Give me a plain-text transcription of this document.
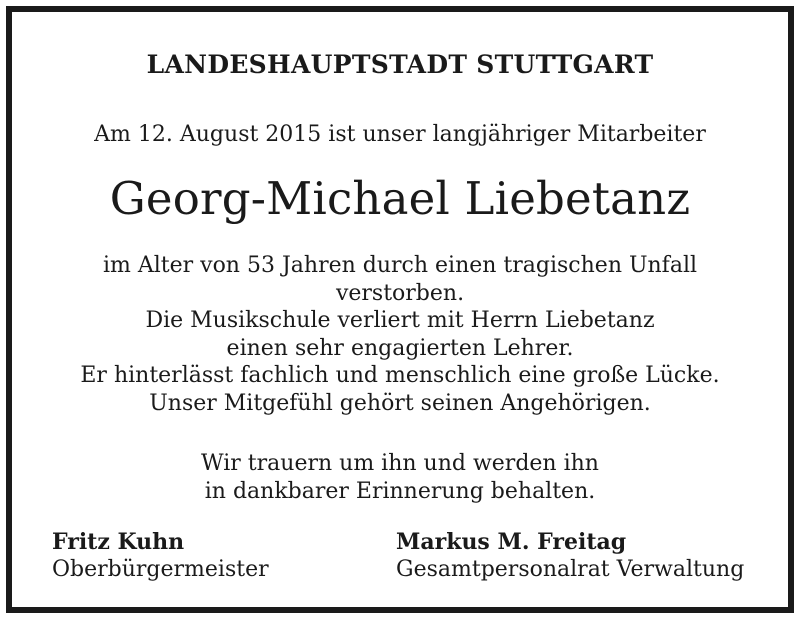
LANDESHAUPTSTADT STUTTGART

Am 12. August 2015 ist unser langjähriger Mitarbeiter

Georg-Michael Liebetanz

im Alter von 53 Jahren durch einen tragischen Unfall
verstorben.
Die Musikschule verliert mit Herrn Liebetanz
einen sehr engagierten Lehrer.
Er hinterlässt fachlich und menschlich eine große Lücke.
Unser Mitgefühl gehört seinen Angehörigen.

Wir trauern um ihn und werden ihn
in dankbarer Erinnerung behalten.

Fritz Kuhn
Oberbürgermeister
Markus M. Freitag
Gesamtpersonalrat Verwaltung
